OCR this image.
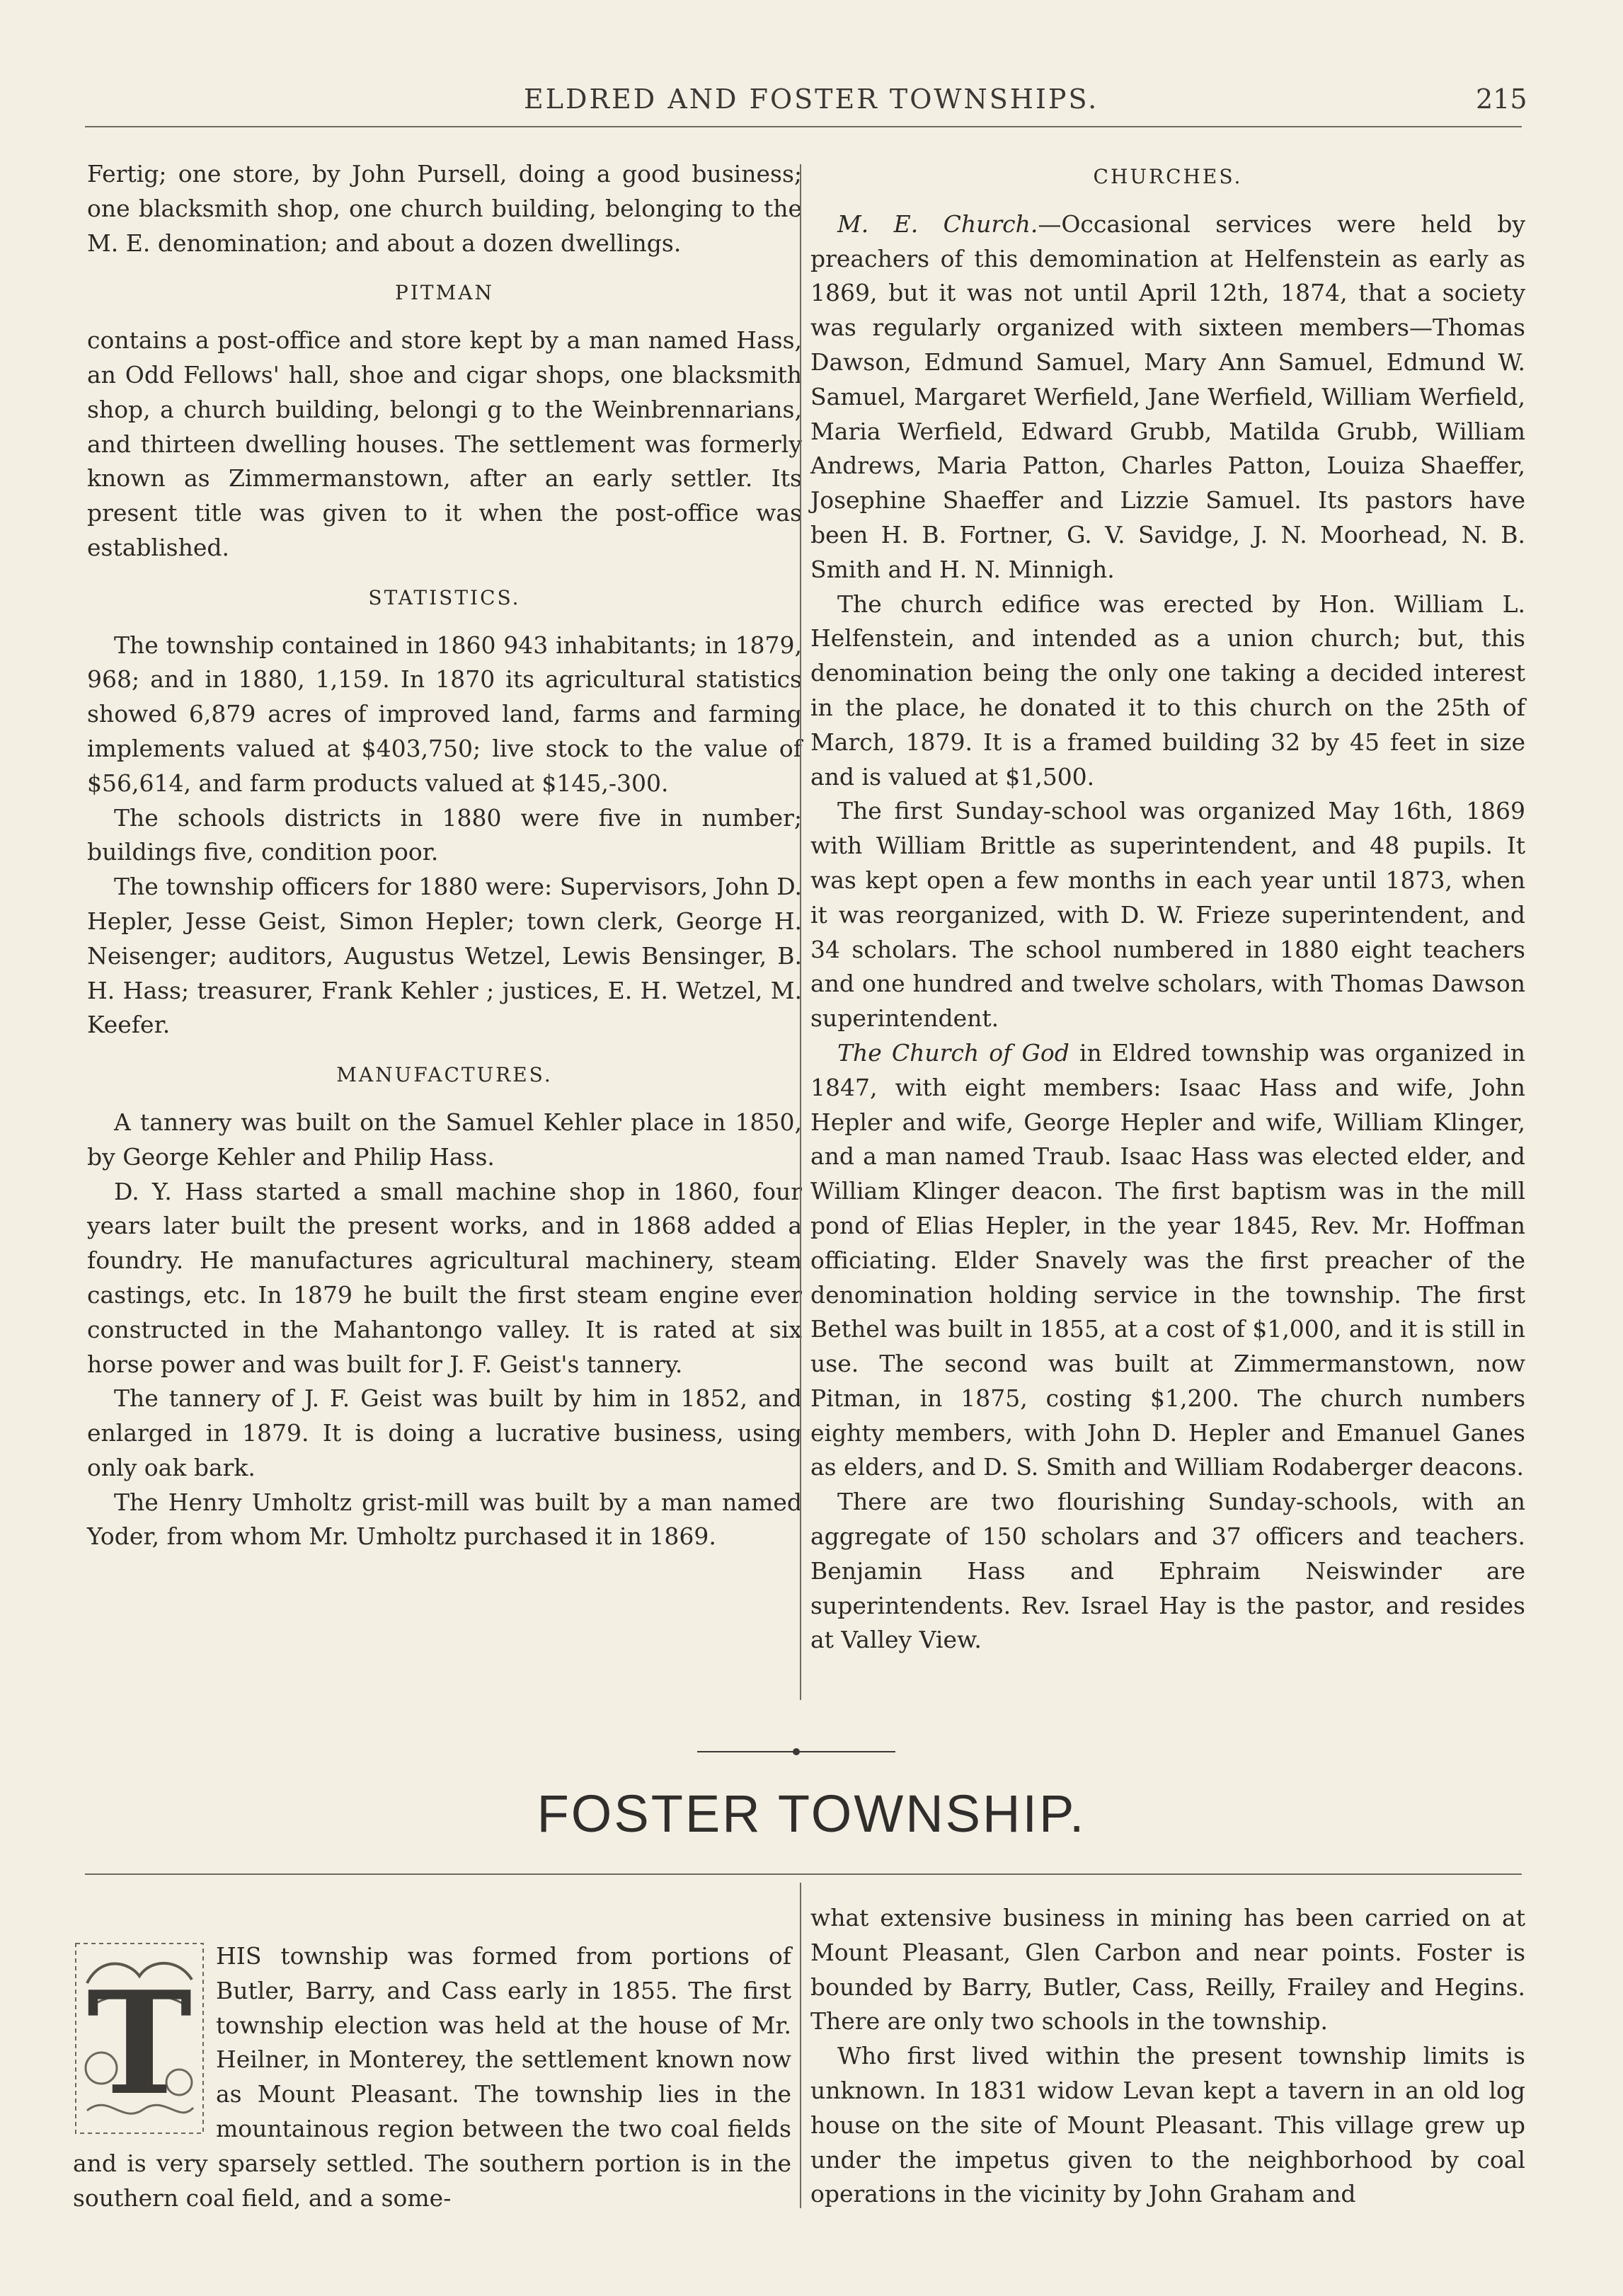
ELDRED AND FOSTER TOWNSHIPS.	215

Fertig; one store, by John Pursell, doing a good business; one blacksmith shop, one church building, belonging to the M. E. denomination; and about a dozen dwellings.

PITMAN

contains a post-office and store kept by a man named Hass, an Odd Fellows' hall, shoe and cigar shops, one blacksmith shop, a church building, belongi g to the Weinbrennarians, and thirteen dwelling houses. The settlement was formerly known as Zimmermanstown, after an early settler. Its present title was given to it when the post-office was established.

STATISTICS.

The township contained in 1860 943 inhabitants; in 1879, 968; and in 1880, 1,159. In 1870 its agricultural statistics showed 6,879 acres of improved land, farms and farming implements valued at $403,750; live stock to the value of $56,614, and farm products valued at $145,-300.

The schools districts in 1880 were five in number; buildings five, condition poor.

The township officers for 1880 were: Supervisors, John D. Hepler, Jesse Geist, Simon Hepler; town clerk, George H. Neisenger; auditors, Augustus Wetzel, Lewis Bensinger, B. H. Hass; treasurer, Frank Kehler ; justices, E. H. Wetzel, M. Keefer.

MANUFACTURES.

A tannery was built on the Samuel Kehler place in 1850, by George Kehler and Philip Hass.

D. Y. Hass started a small machine shop in 1860, four years later built the present works, and in 1868 added a foundry. He manufactures agricultural machinery, steam castings, etc. In 1879 he built the first steam engine ever constructed in the Mahantongo valley. It is rated at six horse power and was built for J. F. Geist's tannery.

The tannery of J. F. Geist was built by him in 1852, and enlarged in 1879. It is doing a lucrative business, using only oak bark.

The Henry Umholtz grist-mill was built by a man named Yoder, from whom Mr. Umholtz purchased it in 1869.

CHURCHES.

M. E. Church.—Occasional services were held by preachers of this demomination at Helfenstein as early as 1869, but it was not until April 12th, 1874, that a society was regularly organized with sixteen members—Thomas Dawson, Edmund Samuel, Mary Ann Samuel, Edmund W. Samuel, Margaret Werfield, Jane Werfield, William Werfield, Maria Werfield, Edward Grubb, Matilda Grubb, William Andrews, Maria Patton, Charles Patton, Louiza Shaeffer, Josephine Shaeffer and Lizzie Samuel. Its pastors have been H. B. Fortner, G. V. Savidge, J. N. Moorhead, N. B. Smith and H. N. Minnigh.

The church edifice was erected by Hon. William L. Helfenstein, and intended as a union church; but, this denomination being the only one taking a decided interest in the place, he donated it to this church on the 25th of March, 1879. It is a framed building 32 by 45 feet in size and is valued at $1,500.

The first Sunday-school was organized May 16th, 1869 with William Brittle as superintendent, and 48 pupils. It was kept open a few months in each year until 1873, when it was reorganized, with D. W. Frieze superintendent, and 34 scholars. The school numbered in 1880 eight teachers and one hundred and twelve scholars, with Thomas Dawson superintendent.

The Church of God in Eldred township was organized in 1847, with eight members: Isaac Hass and wife, John Hepler and wife, George Hepler and wife, William Klinger, and a man named Traub. Isaac Hass was elected elder, and William Klinger deacon. The first baptism was in the mill pond of Elias Hepler, in the year 1845, Rev. Mr. Hoffman officiating. Elder Snavely was the first preacher of the denomination holding service in the township. The first Bethel was built in 1855, at a cost of $1,000, and it is still in use. The second was built at Zimmermanstown, now Pitman, in 1875, costing $1,200. The church numbers eighty members, with John D. Hepler and Emanuel Ganes as elders, and D. S. Smith and William Rodaberger deacons.

There are two flourishing Sunday-schools, with an aggregate of 150 scholars and 37 officers and teachers. Benjamin Hass and Ephraim Neiswinder are superintendents. Rev. Israel Hay is the pastor, and resides at Valley View.

FOSTER TOWNSHIP.
T

HIS township was formed from portions of Butler, Barry, and Cass early in 1855. The first township election was held at the house of Mr. Heilner, in Monterey, the settlement known now as Mount Pleasant. The township lies in the mountainous region between the two coal fields and is very sparsely settled. The southern portion is in the southern coal field, and a some-

what extensive business in mining has been carried on at Mount Pleasant, Glen Carbon and near points. Foster is bounded by Barry, Butler, Cass, Reilly, Frailey and Hegins. There are only two schools in the township.

Who first lived within the present township limits is unknown. In 1831 widow Levan kept a tavern in an old log house on the site of Mount Pleasant. This village grew up under the impetus given to the neighborhood by coal operations in the vicinity by John Graham and
